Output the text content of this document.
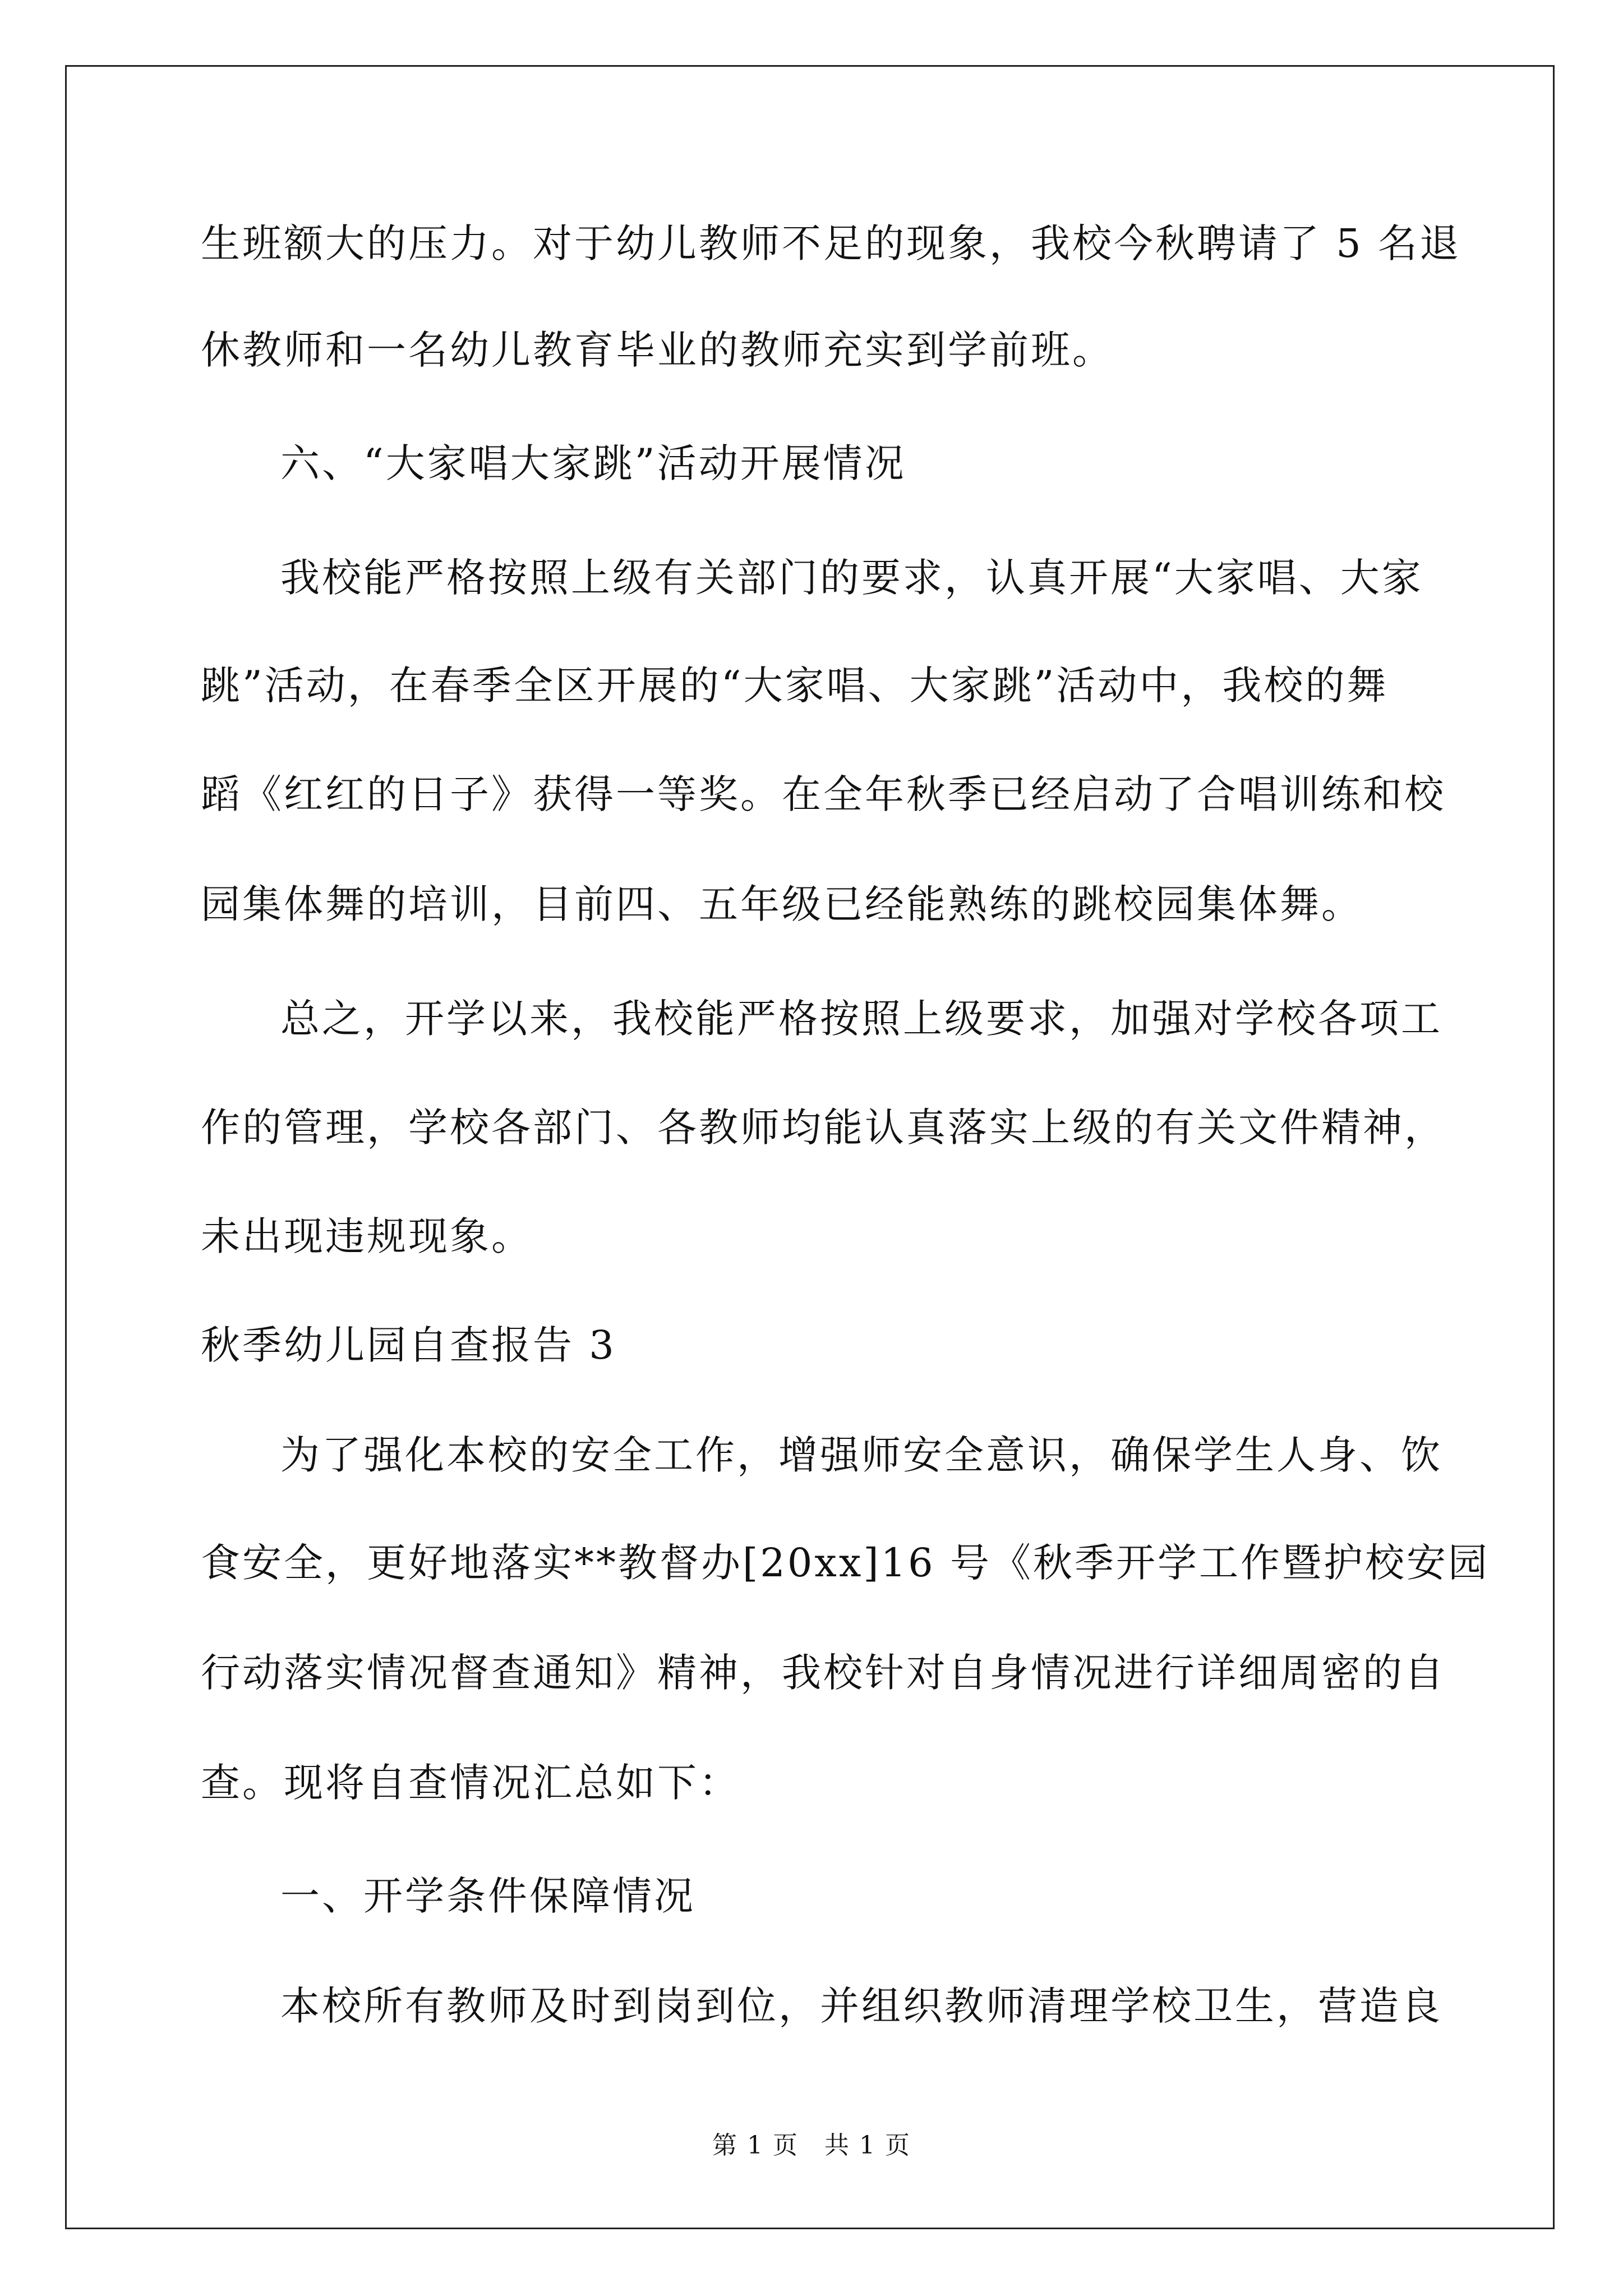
生班额大的压力。对于幼儿教师不足的现象，我校今秋聘请了 5 名退

休教师和一名幼儿教育毕业的教师充实到学前班。

六、“大家唱大家跳”活动开展情况

我校能严格按照上级有关部门的要求，认真开展“大家唱、大家

跳”活动，在春季全区开展的“大家唱、大家跳”活动中，我校的舞

蹈《红红的日子》获得一等奖。在全年秋季已经启动了合唱训练和校

园集体舞的培训，目前四、五年级已经能熟练的跳校园集体舞。

总之，开学以来，我校能严格按照上级要求，加强对学校各项工

作的管理，学校各部门、各教师均能认真落实上级的有关文件精神，

未出现违规现象。

秋季幼儿园自查报告 3

为了强化本校的安全工作，增强师安全意识，确保学生人身、饮

食安全，更好地落实**教督办[20xx]16 号《秋季开学工作暨护校安园

行动落实情况督查通知》精神，我校针对自身情况进行详细周密的自

查。现将自查情况汇总如下：

一、开学条件保障情况

本校所有教师及时到岗到位，并组织教师清理学校卫生，营造良

第 1 页　共 1 页
